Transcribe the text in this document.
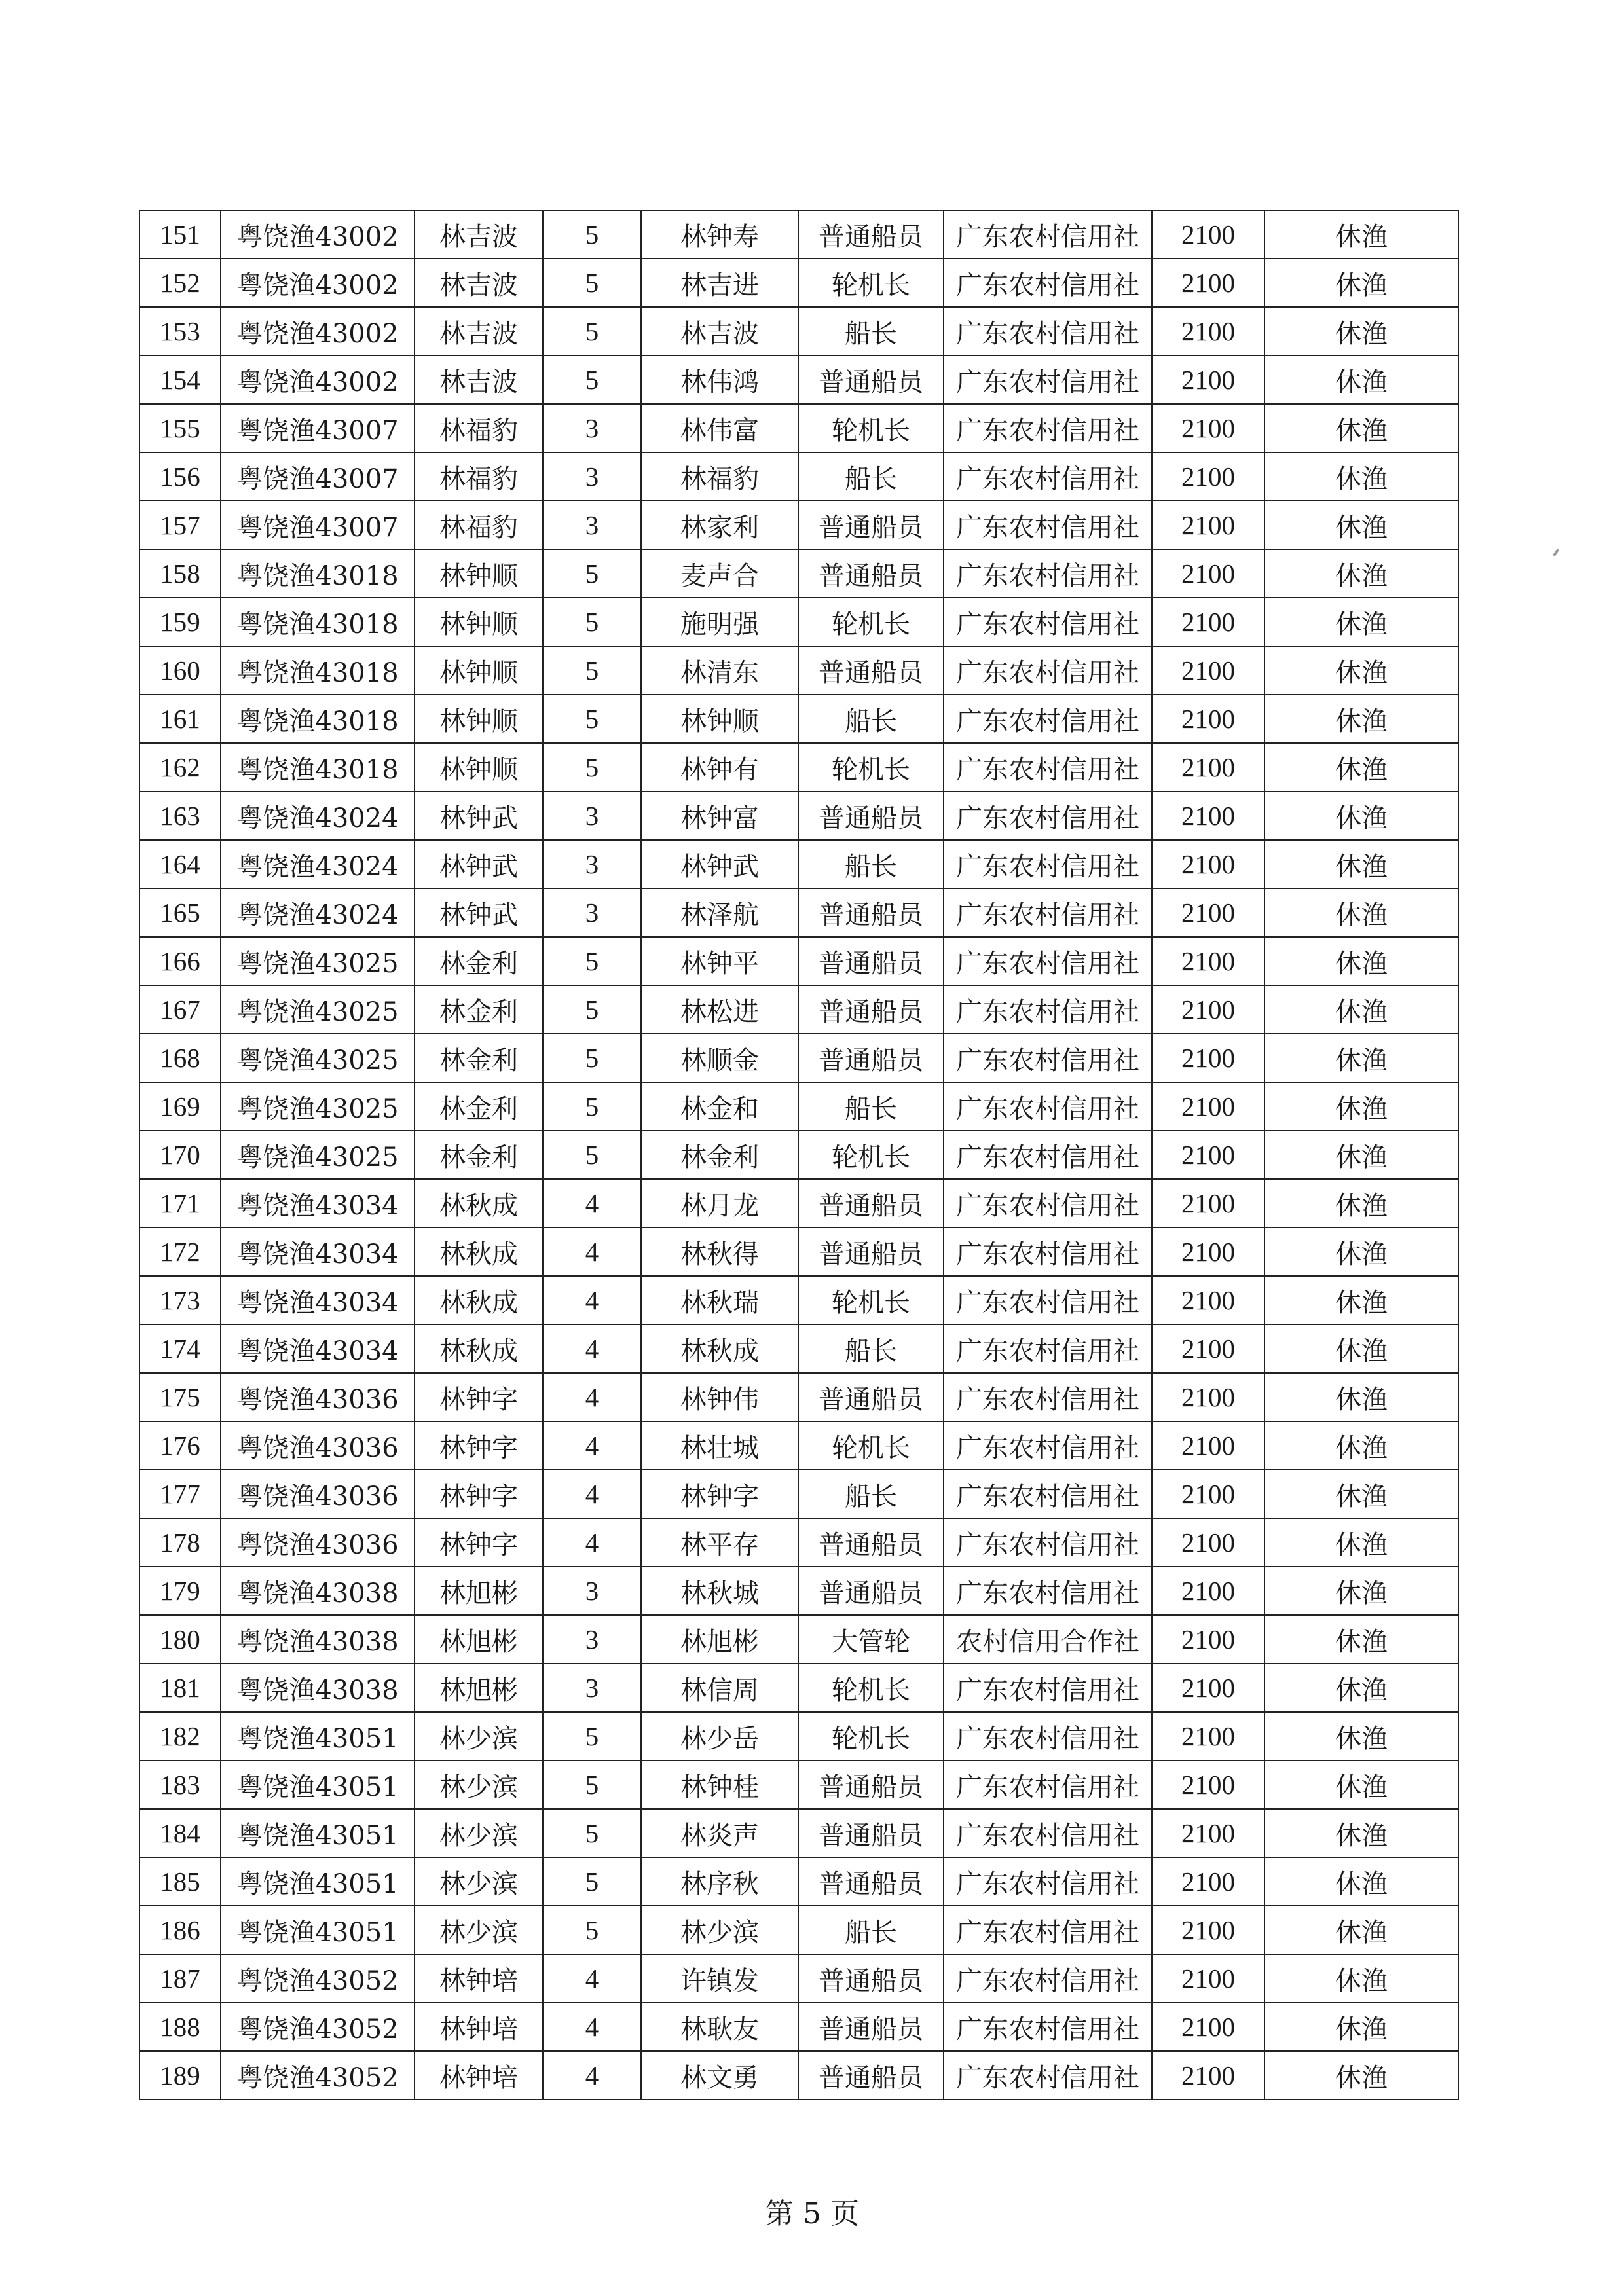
151	粤饶渔43002	林吉波	5	林钟寿	普通船员	广东农村信用社	2100	休渔
152	粤饶渔43002	林吉波	5	林吉进	轮机长	广东农村信用社	2100	休渔
153	粤饶渔43002	林吉波	5	林吉波	船长	广东农村信用社	2100	休渔
154	粤饶渔43002	林吉波	5	林伟鸿	普通船员	广东农村信用社	2100	休渔
155	粤饶渔43007	林福豹	3	林伟富	轮机长	广东农村信用社	2100	休渔
156	粤饶渔43007	林福豹	3	林福豹	船长	广东农村信用社	2100	休渔
157	粤饶渔43007	林福豹	3	林家利	普通船员	广东农村信用社	2100	休渔
158	粤饶渔43018	林钟顺	5	麦声合	普通船员	广东农村信用社	2100	休渔
159	粤饶渔43018	林钟顺	5	施明强	轮机长	广东农村信用社	2100	休渔
160	粤饶渔43018	林钟顺	5	林清东	普通船员	广东农村信用社	2100	休渔
161	粤饶渔43018	林钟顺	5	林钟顺	船长	广东农村信用社	2100	休渔
162	粤饶渔43018	林钟顺	5	林钟有	轮机长	广东农村信用社	2100	休渔
163	粤饶渔43024	林钟武	3	林钟富	普通船员	广东农村信用社	2100	休渔
164	粤饶渔43024	林钟武	3	林钟武	船长	广东农村信用社	2100	休渔
165	粤饶渔43024	林钟武	3	林泽航	普通船员	广东农村信用社	2100	休渔
166	粤饶渔43025	林金利	5	林钟平	普通船员	广东农村信用社	2100	休渔
167	粤饶渔43025	林金利	5	林松进	普通船员	广东农村信用社	2100	休渔
168	粤饶渔43025	林金利	5	林顺金	普通船员	广东农村信用社	2100	休渔
169	粤饶渔43025	林金利	5	林金和	船长	广东农村信用社	2100	休渔
170	粤饶渔43025	林金利	5	林金利	轮机长	广东农村信用社	2100	休渔
171	粤饶渔43034	林秋成	4	林月龙	普通船员	广东农村信用社	2100	休渔
172	粤饶渔43034	林秋成	4	林秋得	普通船员	广东农村信用社	2100	休渔
173	粤饶渔43034	林秋成	4	林秋瑞	轮机长	广东农村信用社	2100	休渔
174	粤饶渔43034	林秋成	4	林秋成	船长	广东农村信用社	2100	休渔
175	粤饶渔43036	林钟字	4	林钟伟	普通船员	广东农村信用社	2100	休渔
176	粤饶渔43036	林钟字	4	林壮城	轮机长	广东农村信用社	2100	休渔
177	粤饶渔43036	林钟字	4	林钟字	船长	广东农村信用社	2100	休渔
178	粤饶渔43036	林钟字	4	林平存	普通船员	广东农村信用社	2100	休渔
179	粤饶渔43038	林旭彬	3	林秋城	普通船员	广东农村信用社	2100	休渔
180	粤饶渔43038	林旭彬	3	林旭彬	大管轮	农村信用合作社	2100	休渔
181	粤饶渔43038	林旭彬	3	林信周	轮机长	广东农村信用社	2100	休渔
182	粤饶渔43051	林少滨	5	林少岳	轮机长	广东农村信用社	2100	休渔
183	粤饶渔43051	林少滨	5	林钟桂	普通船员	广东农村信用社	2100	休渔
184	粤饶渔43051	林少滨	5	林炎声	普通船员	广东农村信用社	2100	休渔
185	粤饶渔43051	林少滨	5	林序秋	普通船员	广东农村信用社	2100	休渔
186	粤饶渔43051	林少滨	5	林少滨	船长	广东农村信用社	2100	休渔
187	粤饶渔43052	林钟培	4	许镇发	普通船员	广东农村信用社	2100	休渔
188	粤饶渔43052	林钟培	4	林耿友	普通船员	广东农村信用社	2100	休渔
189	粤饶渔43052	林钟培	4	林文勇	普通船员	广东农村信用社	2100	休渔
第 5 页
